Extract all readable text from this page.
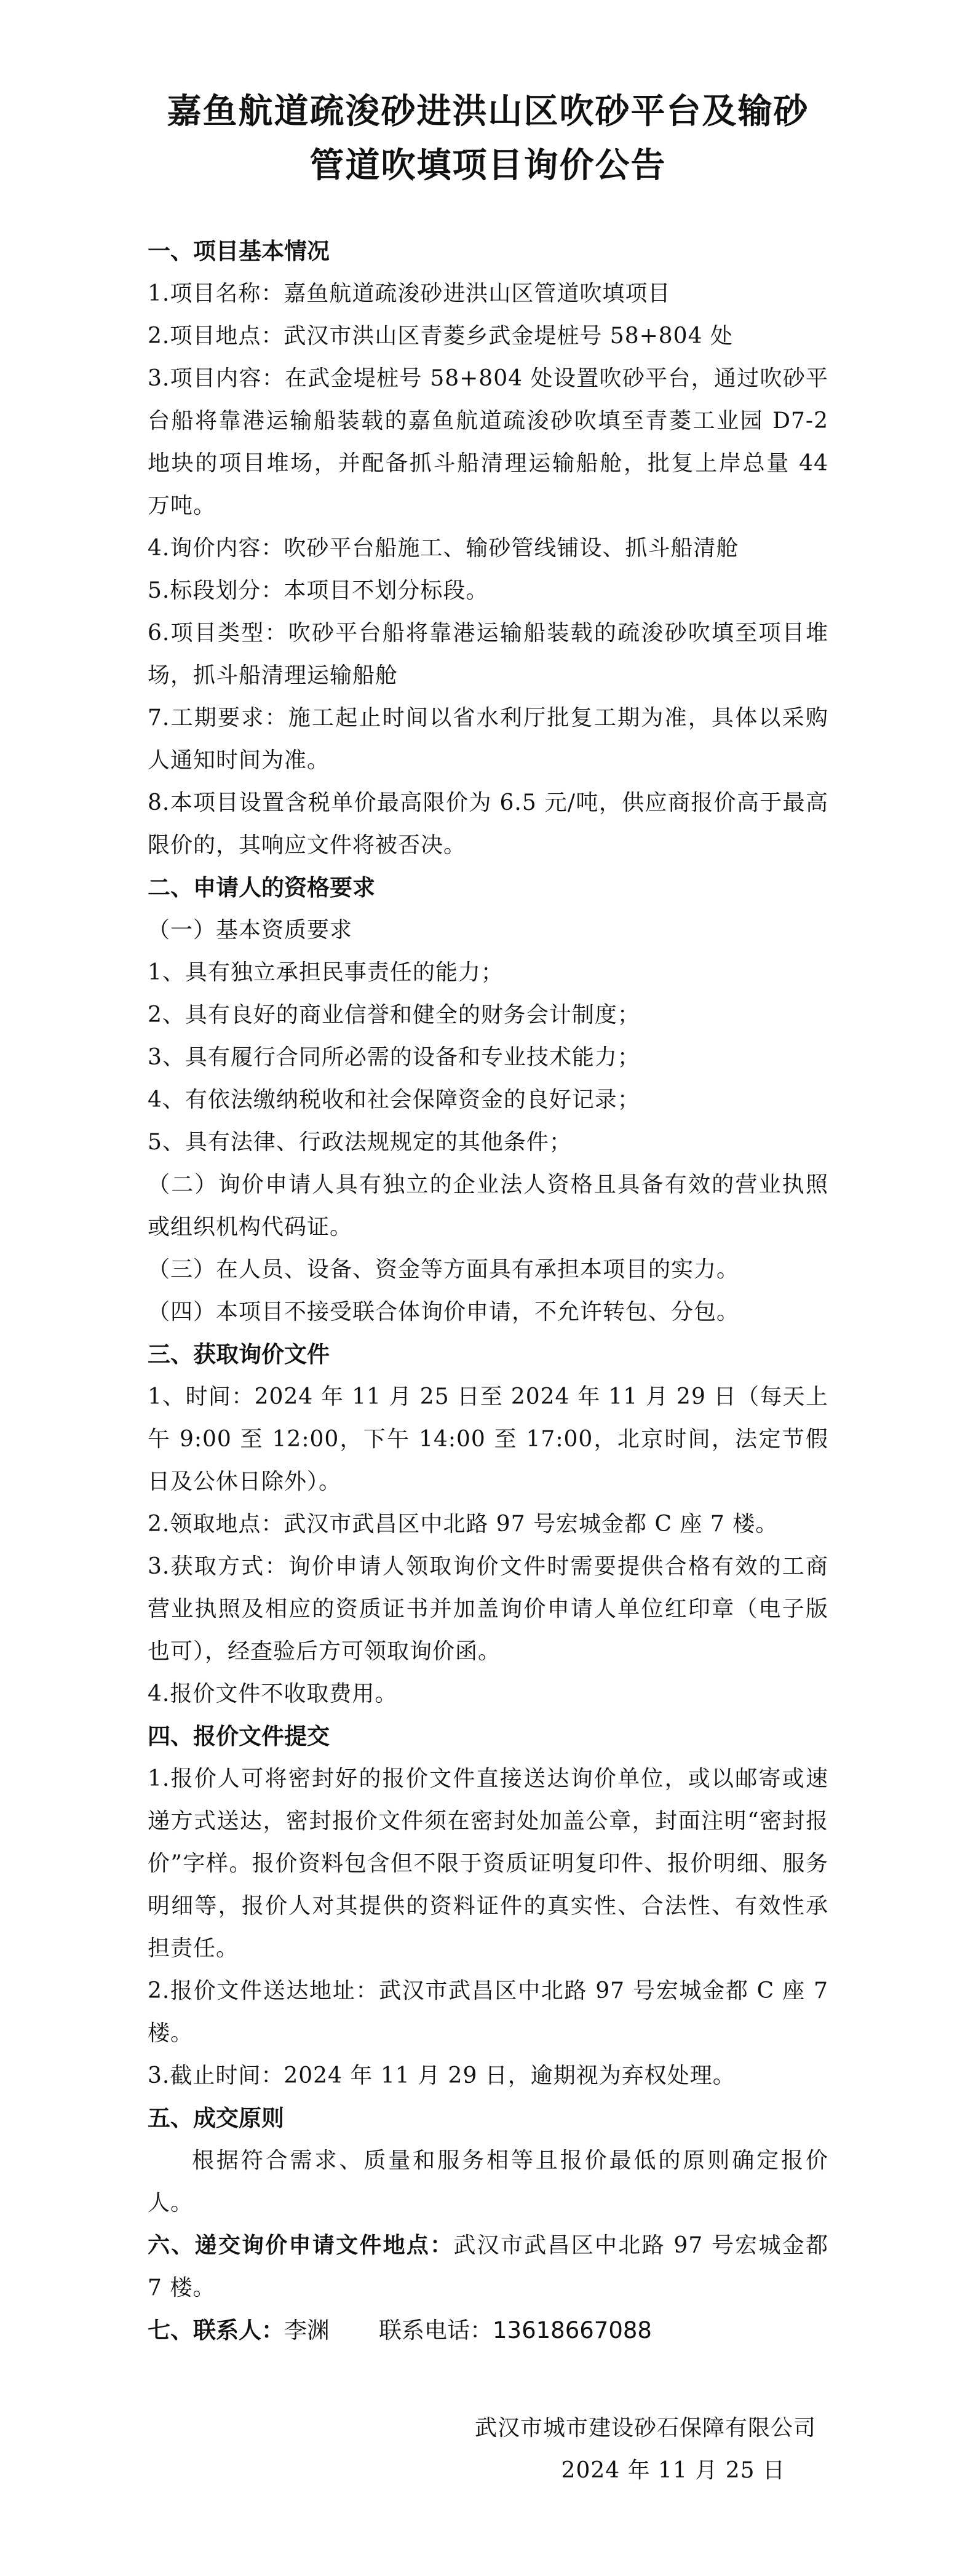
嘉鱼航道疏浚砂进洪山区吹砂平台及输砂
管道吹填项目询价公告

一、项目基本情况

1.项目名称：嘉鱼航道疏浚砂进洪山区管道吹填项目

2.项目地点：武汉市洪山区青菱乡武金堤桩号 58+804 处

3.项目内容：在武金堤桩号 58+804 处设置吹砂平台，通过吹砂平台船将靠港运输船装载的嘉鱼航道疏浚砂吹填至青菱工业园 D7-2 地块的项目堆场，并配备抓斗船清理运输船舱，批复上岸总量 44 万吨。

4.询价内容：吹砂平台船施工、输砂管线铺设、抓斗船清舱

5.标段划分：本项目不划分标段。

6.项目类型：吹砂平台船将靠港运输船装载的疏浚砂吹填至项目堆场，抓斗船清理运输船舱

7.工期要求：施工起止时间以省水利厅批复工期为准，具体以采购人通知时间为准。

8.本项目设置含税单价最高限价为 6.5 元/吨，供应商报价高于最高限价的，其响应文件将被否决。

二、申请人的资格要求

（一）基本资质要求

1、具有独立承担民事责任的能力；

2、具有良好的商业信誉和健全的财务会计制度；

3、具有履行合同所必需的设备和专业技术能力；

4、有依法缴纳税收和社会保障资金的良好记录；

5、具有法律、行政法规规定的其他条件；

（二）询价申请人具有独立的企业法人资格且具备有效的营业执照或组织机构代码证。

（三）在人员、设备、资金等方面具有承担本项目的实力。

（四）本项目不接受联合体询价申请，不允许转包、分包。

三、获取询价文件

1、时间：2024 年 11 月 25 日至 2024 年 11 月 29 日（每天上午 9:00 至 12:00，下午 14:00 至 17:00，北京时间，法定节假日及公休日除外）。

2.领取地点：武汉市武昌区中北路 97 号宏城金都 C 座 7 楼。

3.获取方式：询价申请人领取询价文件时需要提供合格有效的工商营业执照及相应的资质证书并加盖询价申请人单位红印章（电子版也可），经查验后方可领取询价函。

4.报价文件不收取费用。

四、报价文件提交

1.报价人可将密封好的报价文件直接送达询价单位，或以邮寄或速递方式送达，密封报价文件须在密封处加盖公章，封面注明“密封报价”字样。报价资料包含但不限于资质证明复印件、报价明细、服务明细等，报价人对其提供的资料证件的真实性、合法性、有效性承担责任。

2.报价文件送达地址：武汉市武昌区中北路 97 号宏城金都 C 座 7 楼。

3.截止时间：2024 年 11 月 29 日，逾期视为弃权处理。

五、成交原则

根据符合需求、质量和服务相等且报价最低的原则确定报价人。

六、递交询价申请文件地点：武汉市武昌区中北路 97 号宏城金都 7 楼。

七、联系人：李渊 联系电话：13618667088

武汉市城市建设砂石保障有限公司
2024 年 11 月 25 日
